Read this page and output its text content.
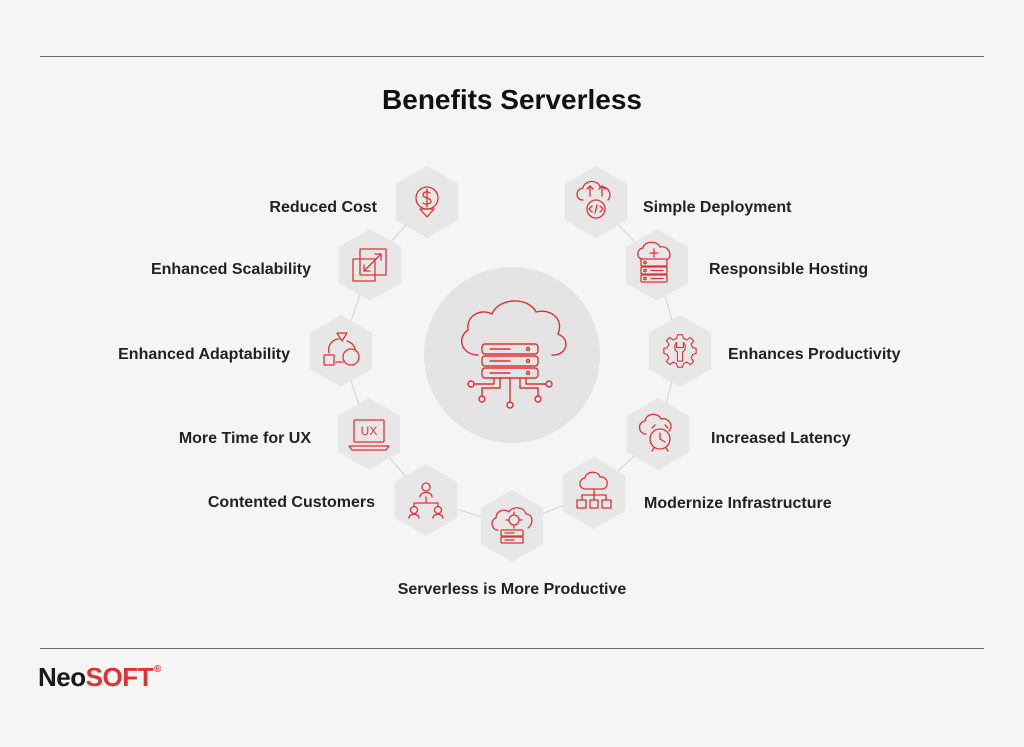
Benefits Serverless
UX
Reduced Cost
Enhanced Scalability
Enhanced Adaptability
More Time for UX
Contented Customers
Serverless is More Productive
Modernize Infrastructure
Increased Latency
Enhances Productivity
Responsible Hosting
Simple Deployment
NeoSOFT®
